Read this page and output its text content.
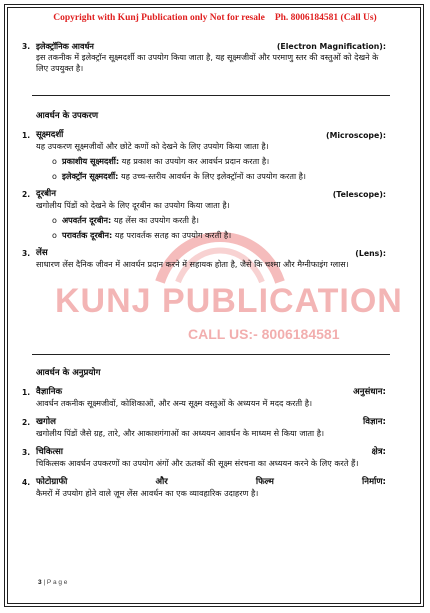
Copyright with Kunj Publication only Not for resale Ph. 8006184581 (Call Us)
KUNJ PUBLICATION
CALL US:- 8006184581
3. इलेक्ट्रॉनिक आवर्धन	(Electron Magnification):
इस तकनीक में इलेक्ट्रॉन सूक्ष्मदर्शी का उपयोग किया जाता है, यह सूक्ष्मजीवों और परमाणु स्तर की वस्तुओं को देखने के लिए उपयुक्त है।
आवर्धन के उपकरण
1. सूक्ष्मदर्शी	(Microscope):
यह उपकरण सूक्ष्मजीवों और छोटे कणों को देखने के लिए उपयोग किया जाता है।
o प्रकाशीय सूक्ष्मदर्शी: यह प्रकाश का उपयोग कर आवर्धन प्रदान करता है।
o इलेक्ट्रॉन सूक्ष्मदर्शी: यह उच्च-स्तरीय आवर्धन के लिए इलेक्ट्रॉनों का उपयोग करता है।
2. दूरबीन	(Telescope):
खगोलीय पिंडों को देखने के लिए दूरबीन का उपयोग किया जाता है।
o अपवर्तन दूरबीन: यह लेंस का उपयोग करती है।
o परावर्तक दूरबीन: यह परावर्तक सतह का उपयोग करती है।
3. लेंस	(Lens):
साधारण लेंस दैनिक जीवन में आवर्धन प्रदान करने में सहायक होता है, जैसे कि चश्मा और मैग्नीफाइंग ग्लास।
आवर्धन के अनुप्रयोग
1. वैज्ञानिक	अनुसंधान:
आवर्धन तकनीक सूक्ष्मजीवों, कोशिकाओं, और अन्य सूक्ष्म वस्तुओं के अध्ययन में मदद करती है।
2. खगोल	विज्ञान:
खगोलीय पिंडों जैसे ग्रह, तारे, और आकाशगंगाओं का अध्ययन आवर्धन के माध्यम से किया जाता है।
3. चिकित्सा	क्षेत्र:
चिकित्सक आवर्धन उपकरणों का उपयोग अंगों और ऊतकों की सूक्ष्म संरचना का अध्ययन करने के लिए करते हैं।
4. फोटोग्राफी	और	फिल्म	निर्माण:
कैमरों में उपयोग होने वाले ज़ूम लेंस आवर्धन का एक व्यावहारिक उदाहरण है।
3 | P a g e
